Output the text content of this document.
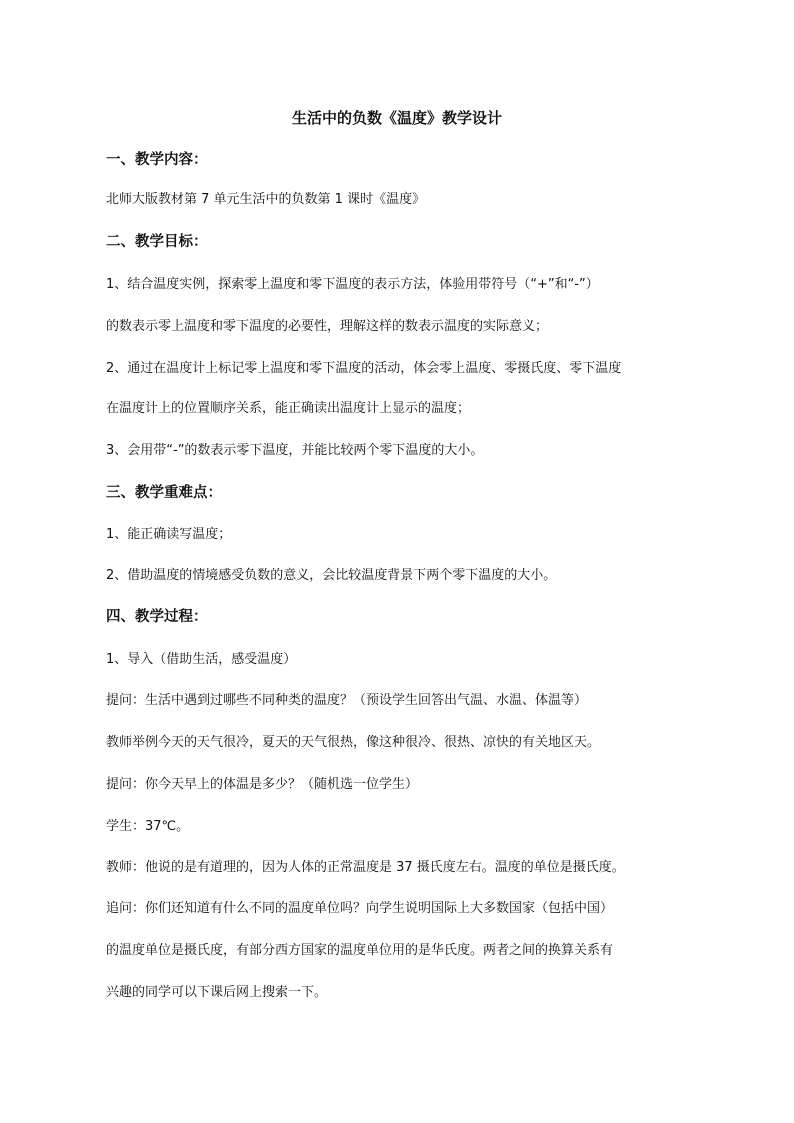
生活中的负数《温度》教学设计
一、教学内容：
北师大版教材第 7 单元生活中的负数第 1 课时《温度》
二、教学目标：
1、结合温度实例，探索零上温度和零下温度的表示方法，体验用带符号（“+”和“-”）
的数表示零上温度和零下温度的必要性，理解这样的数表示温度的实际意义；
2、通过在温度计上标记零上温度和零下温度的活动，体会零上温度、零摄氏度、零下温度
在温度计上的位置顺序关系，能正确读出温度计上显示的温度；
3、会用带“-”的数表示零下温度，并能比较两个零下温度的大小。
三、教学重难点：
1、能正确读写温度；
2、借助温度的情境感受负数的意义，会比较温度背景下两个零下温度的大小。
四、教学过程：
1、导入（借助生活，感受温度）
提问：生活中遇到过哪些不同种类的温度？（预设学生回答出气温、水温、体温等）
教师举例今天的天气很冷，夏天的天气很热，像这种很冷、很热、凉快的有关地区天。
提问：你今天早上的体温是多少？（随机选一位学生）
学生：37℃。
教师：他说的是有道理的，因为人体的正常温度是 37 摄氏度左右。温度的单位是摄氏度。
追问：你们还知道有什么不同的温度单位吗？向学生说明国际上大多数国家（包括中国）
的温度单位是摄氏度，有部分西方国家的温度单位用的是华氏度。两者之间的换算关系有
兴趣的同学可以下课后网上搜索一下。
